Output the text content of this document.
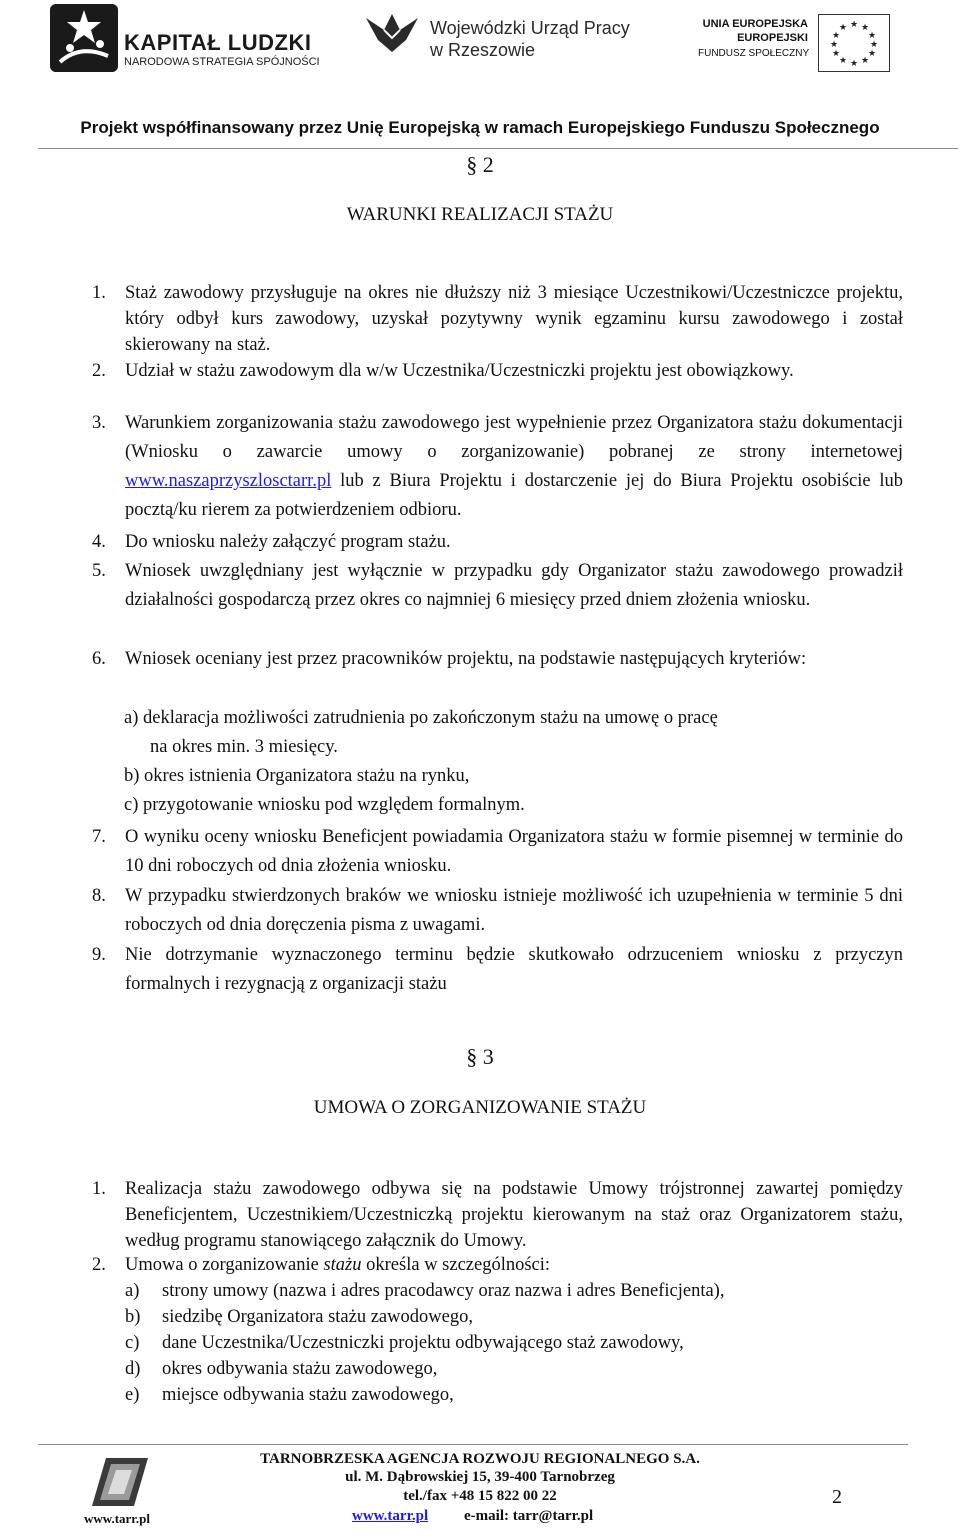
KAPITAŁ LUDZKI
NARODOWA STRATEGIA SPÓJNOŚCI
Wojewódzki Urząd Pracy
w Rzeszowie
UNIA EUROPEJSKA
EUROPEJSKI
FUNDUSZ SPOŁECZNY
★ ★
★
★
★
★
★
★
★
★
★
★
Projekt współfinansowany przez Unię Europejską w ramach Europejskiego Funduszu Społecznego
§ 2
WARUNKI REALIZACJI STAŻU
1. Staż zawodowy przysługuje na okres nie dłuższy niż 3 miesiące Uczestnikowi/Uczestniczce projektu, który odbył kurs zawodowy, uzyskał pozytywny wynik egzaminu kursu zawodowego i został skierowany na staż.
2. Udział w stażu zawodowym dla w/w Uczestnika/Uczestniczki projektu jest obowiązkowy.
3. Warunkiem zorganizowania stażu zawodowego jest wypełnienie przez Organizatora stażu dokumentacji (Wniosku o zawarcie umowy o zorganizowanie) pobranej ze strony internetowej www.naszaprzyszlosctarr.pl lub z Biura Projektu i dostarczenie jej do Biura Projektu osobiście lub pocztą/ku rierem za potwierdzeniem odbioru.
4. Do wniosku należy załączyć program stażu.
5. Wniosek uwzględniany jest wyłącznie w przypadku gdy Organizator stażu zawodowego prowadził działalności gospodarczą przez okres co najmniej 6 miesięcy przed dniem złożenia wniosku.
6. Wniosek oceniany jest przez pracowników projektu, na podstawie następujących kryteriów:
a) deklaracja możliwości zatrudnienia po zakończonym stażu na umowę o pracę
na okres min. 3 miesięcy.
b) okres istnienia Organizatora stażu na rynku,
c) przygotowanie wniosku pod względem formalnym.
7. O wyniku oceny wniosku Beneficjent powiadamia Organizatora stażu w formie pisemnej w terminie do 10 dni roboczych od dnia złożenia wniosku.
8. W przypadku stwierdzonych braków we wniosku istnieje możliwość ich uzupełnienia w terminie 5 dni roboczych od dnia doręczenia pisma z uwagami.
9. Nie dotrzymanie wyznaczonego terminu będzie skutkowało odrzuceniem wniosku z przyczyn formalnych i rezygnacją z organizacji stażu
§ 3
UMOWA O ZORGANIZOWANIE STAŻU
1. Realizacja stażu zawodowego odbywa się na podstawie Umowy trójstronnej zawartej pomiędzy Beneficjentem, Uczestnikiem/Uczestniczką projektu kierowanym na staż oraz Organizatorem stażu, według programu stanowiącego załącznik do Umowy.
2. Umowa o zorganizowanie stażu określa w szczególności:
a) strony umowy (nazwa i adres pracodawcy oraz nazwa i adres Beneficjenta),
b) siedzibę Organizatora stażu zawodowego,
c) dane Uczestnika/Uczestniczki projektu odbywającego staż zawodowy,
d) okres odbywania stażu zawodowego,
e) miejsce odbywania stażu zawodowego,
www.tarr.pl
TARNOBRZESKA AGENCJA ROZWOJU REGIONALNEGO S.A.
ul. M. Dąbrowskiej 15, 39-400 Tarnobrzeg
tel./fax +48 15 822 00 22
www.tarr.pl e-mail: tarr@tarr.pl
2
